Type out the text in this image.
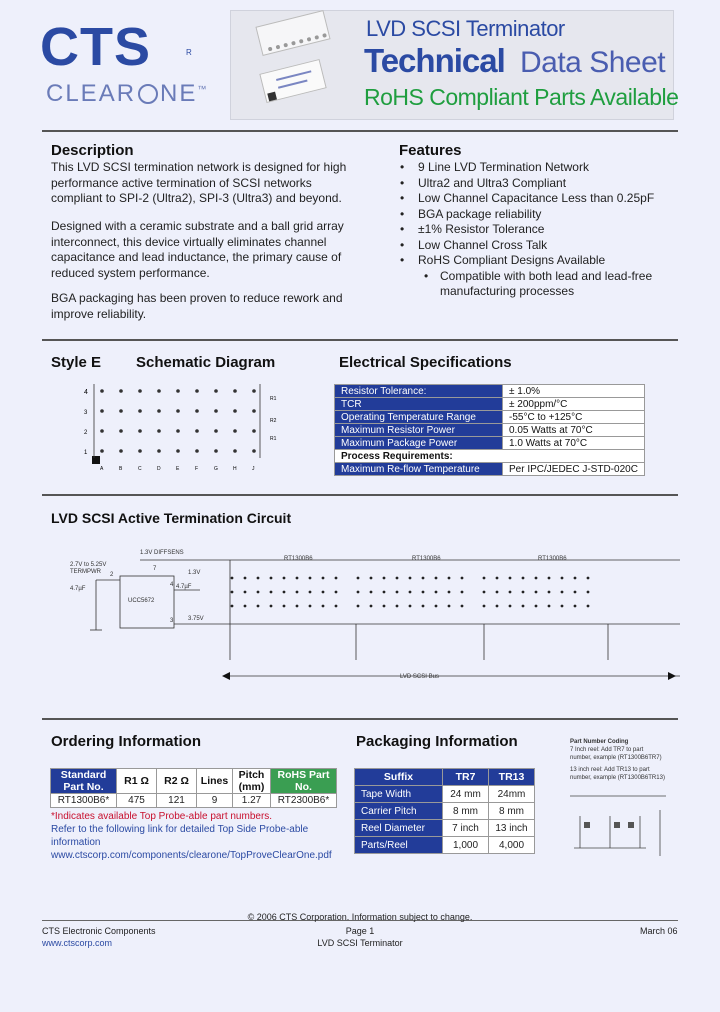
CTS	R
CLEAR NE™
LVD SCSI Terminator
Technical Data Sheet
RoHS Compliant Parts Available
Description
This LVD SCSI termination network is designed for high performance active termination of SCSI networks compliant to SPI-2 (Ultra2), SPI-3 (Ultra3) and beyond.
Designed with a ceramic substrate and a ball grid array interconnect, this device virtually eliminates channel capacitance and lead inductance, the primary cause of reduced system performance.
BGA packaging has been proven to reduce rework and improve reliability.
Features
• 9 Line LVD Termination Network
• Ultra2 and Ultra3 Compliant
• Low Channel Capacitance Less than 0.25pF
• BGA package reliability
• ±1% Resistor Tolerance
• Low Channel Cross Talk
• RoHS Compliant Designs Available
• Compatible with both lead and lead-free manufacturing processes
Style E Schematic Diagram
4
3
2
1
R1
R2
R1
A	B	C	D	E	F	G	H	J
Electrical Specifications
Resistor Tolerance:	± 1.0%
TCR	± 200ppm/°C
Operating Temperature Range	-55°C to +125°C
Maximum Resistor Power	0.05 Watts at 70°C
Maximum Package Power	1.0 Watts at 70°C
Process Requirements:	
Maximum Re-flow Temperature	Per IPC/JEDEC J-STD-020C
LVD SCSI Active Termination Circuit
1.3V DIFFSENS
2.7V to 5.25V
TERMPWR
4.7µF	4.7µF
UCC5672
1.3V
3.75V
RT1300B6	RT1300B6	RT1300B6
LVD SCSI Bus
7
4
2
3
Ordering Information
Standard Part No.	R1 Ω	R2 Ω	Lines	Pitch (mm)	RoHS Part No.
RT1300B6*	475	121	9	1.27	RT2300B6*
*Indicates available Top Probe-able part numbers.
Refer to the following link for detailed Top Side Probe-able information
www.ctscorp.com/components/clearone/TopProveClearOne.pdf
Packaging Information
Suffix	TR7	TR13
Tape Width	24 mm	24mm
Carrier Pitch	8 mm	8 mm
Reel Diameter	7 inch	13 inch
Parts/Reel	1,000	4,000
Part Number Coding
7 Inch reel: Add TR7 to part
number, example (RT1300B6TR7)
13 inch reel: Add TR13 to part
number, example (RT1300B6TR13)
© 2006 CTS Corporation. Information subject to change.
CTS Electronic Components	Page 1	March 06
www.ctscorp.com	LVD SCSI Terminator
